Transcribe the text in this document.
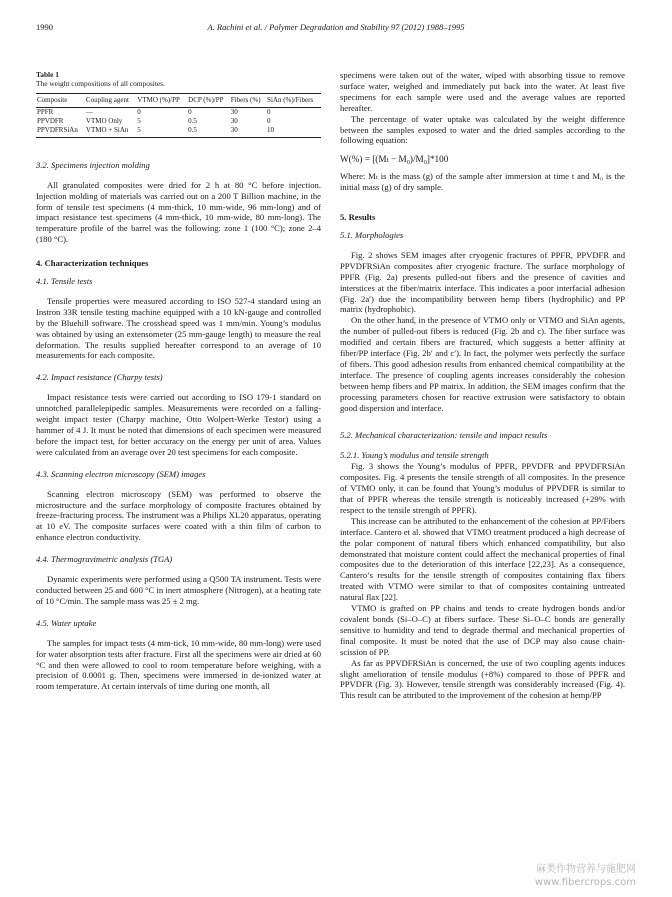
1990	A. Rachini et al. / Polymer Degradation and Stability 97 (2012) 1988–1995
Table 1
The weight compositions of all composites.
Composite	Coupling agent	VTMO (%)/PP	DCP (%)/PP	Fibers (%)	SiAn (%)/Fibers
PPFR	—	0	0	30	0
PPVDFR	VTMO Only	5	0.5	30	0
PPVDFRSiAn	VTMO + SiAn	5	0.5	30	10

3.2. Specimens injection molding

All granulated composites were dried for 2 h at 80 °C before injection. Injection molding of materials was carried out on a 200 T Billion machine, in the form of tensile test specimens (4 mm-thick, 10 mm-wide, 96 mm-long) and of impact resistance test specimens (4 mm-thick, 10 mm-wide, 80 mm-long). The temperature profile of the barrel was the following: zone 1 (100 °C); zone 2–4 (180 °C).

4. Characterization techniques

4.1. Tensile tests

Tensile properties were measured according to ISO 527-4 standard using an Instron 33R tensile testing machine equipped with a 10 kN-gauge and controlled by the Bluehill software. The crosshead speed was 1 mm/min. Young’s modulus was obtained by using an extensometer (25 mm-gauge length) to measure the real deformation. The results supplied hereafter correspond to an average of 10 measurements for each composite.

4.2. Impact resistance (Charpy tests)

Impact resistance tests were carried out according to ISO 179-1 standard on unnotched parallelepipedic samples. Measurements were recorded on a falling-weight impact tester (Charpy machine, Otto Wolpert-Werke Testor) using a hammer of 4 J. It must be noted that dimensions of each specimen were measured before the impact test, for better accuracy on the energy per unit of area. Values were calculated from an average over 20 test specimens for each composite.

4.3. Scanning electron microscopy (SEM) images

Scanning electron microscopy (SEM) was performed to observe the microstructure and the surface morphology of composite fractures obtained by freeze-fracturing process. The instrument was a Philips XL20 apparatus, operating at 10 eV. The composite surfaces were coated with a thin film of carbon to enhance electron conductivity.

4.4. Thermogravimetric analysis (TGA)

Dynamic experiments were performed using a Q500 TA instrument. Tests were conducted between 25 and 600 °C in inert atmosphere (Nitrogen), at a heating rate of 10 °C/min. The sample mass was 25 ± 2 mg.

4.5. Water uptake

The samples for impact tests (4 mm-tick, 10 mm-wide, 80 mm-long) were used for water absorption tests after fracture. First all the specimens were air dried at 60 °C and then were allowed to cool to room temperature before weighing, with a precision of 0.0001 g. Then, specimens were immersed in de-ionized water at room temperature. At certain intervals of time during one month, all

specimens were taken out of the water, wiped with absorbing tissue to remove surface water, weighed and immediately put back into the water. At least five specimens for each sample were used and the average values are reported hereafter.

The percentage of water uptake was calculated by the weight difference between the samples exposed to water and the dried samples according to the following equation:

W(%) = [(Mₜ − M₀)/M₀]*100

Where: Mₜ is the mass (g) of the sample after immersion at time t and M₀ is the initial mass (g) of dry sample.

5. Results

5.1. Morphologies

Fig. 2 shows SEM images after cryogenic fractures of PPFR, PPVDFR and PPVDFRSiAn composites after cryogenic fracture. The surface morphology of PPFR (Fig. 2a) presents pulled-out fibers and the presence of cavities and interstices at the fiber/matrix interface. This indicates a poor interfacial adhesion (Fig. 2a′) due the incompatibility between hemp fibers (hydrophilic) and PP matrix (hydrophobic).

On the other hand, in the presence of VTMO only or VTMO and SiAn agents, the number of pulled-out fibers is reduced (Fig. 2b and c). The fiber surface was modified and certain fibers are fractured, which suggests a better affinity at fiber/PP interface (Fig. 2b′ and c′). In fact, the polymer wets perfectly the surface of fibers. This good adhesion results from enhanced chemical compatibility at the interface. The presence of coupling agents increases considerably the cohesion between hemp fibers and PP matrix. In addition, the SEM images confirm that the processing parameters chosen for reactive extrusion were satisfactory to obtain good dispersion and interface.

5.2. Mechanical characterization: tensile and impact results

5.2.1. Young’s modulus and tensile strength

Fig. 3 shows the Young’s modulus of PPFR, PPVDFR and PPVDFRSiAn composites. Fig. 4 presents the tensile strength of all composites. In the presence of VTMO only, it can be found that Young’s modulus of PPVDFR is similar to that of PPFR whereas the tensile strength is noticeably increased (+29% with respect to the tensile strength of PPFR).

This increase can be attributed to the enhancement of the cohesion at PP/Fibers interface. Cantero et al. showed that VTMO treatment produced a high decrease of the polar component of natural fibers which enhanced compatibility, but also demonstrated that moisture content could affect the mechanical properties of final composites due to the deterioration of this interface [22,23]. As a consequence, Cantero’s results for the tensile strength of composites containing flax fibers treated with VTMO were similar to that of composites containing untreated natural flax [22].

VTMO is grafted on PP chains and tends to create hydrogen bonds and/or covalent bonds (Si–O–C) at fibers surface. These Si–O–C bonds are generally sensitive to humidity and tend to degrade thermal and mechanical properties of final composite. It must be noted that the use of DCP may also cause chain-scission of PP.

As far as PPVDFRSiAn is concerned, the use of two coupling agents induces slight amelioration of tensile modulus (+8%) compared to those of PPFR and PPVDFR (Fig. 3). However, tensile strength was considerably increased (Fig. 4). This result can be attributed to the improvement of the cohesion at hemp/PP

麻类作物营养与施肥网
www.fibercrops.com
